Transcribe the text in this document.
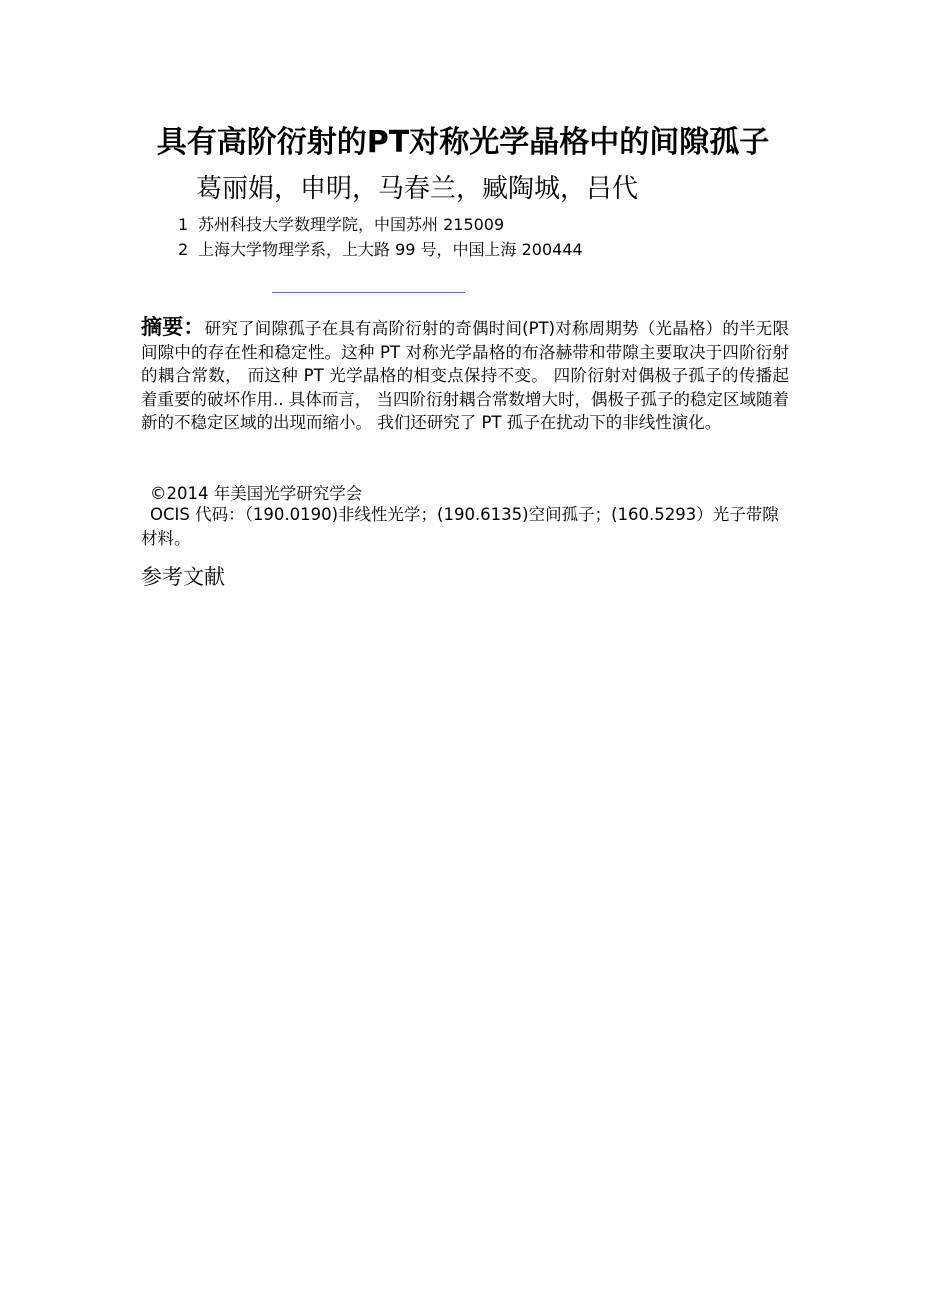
具有高阶衍射的PT对称光学晶格中的间隙孤子
葛丽娟，申明，马春兰，臧陶城，吕代
1 苏州科技大学数理学院，中国苏州 215009
2 上海大学物理学系，上大路 99 号，中国上海 200444
摘要：研究了间隙孤子在具有高阶衍射的奇偶时间(PT)对称周期势（光晶格）的半无限间隙中的存在性和稳定性。这种 PT 对称光学晶格的布洛赫带和带隙主要取决于四阶衍射的耦合常数， 而这种 PT 光学晶格的相变点保持不变。 四阶衍射对偶极子孤子的传播起着重要的破坏作用.. 具体而言， 当四阶衍射耦合常数增大时，偶极子孤子的稳定区域随着新的不稳定区域的出现而缩小。 我们还研究了 PT 孤子在扰动下的非线性演化。
©2014 年美国光学研究学会
OCIS 代码：（190.0190)非线性光学；(190.6135)空间孤子；(160.5293）光子带隙材料。
参考文献
